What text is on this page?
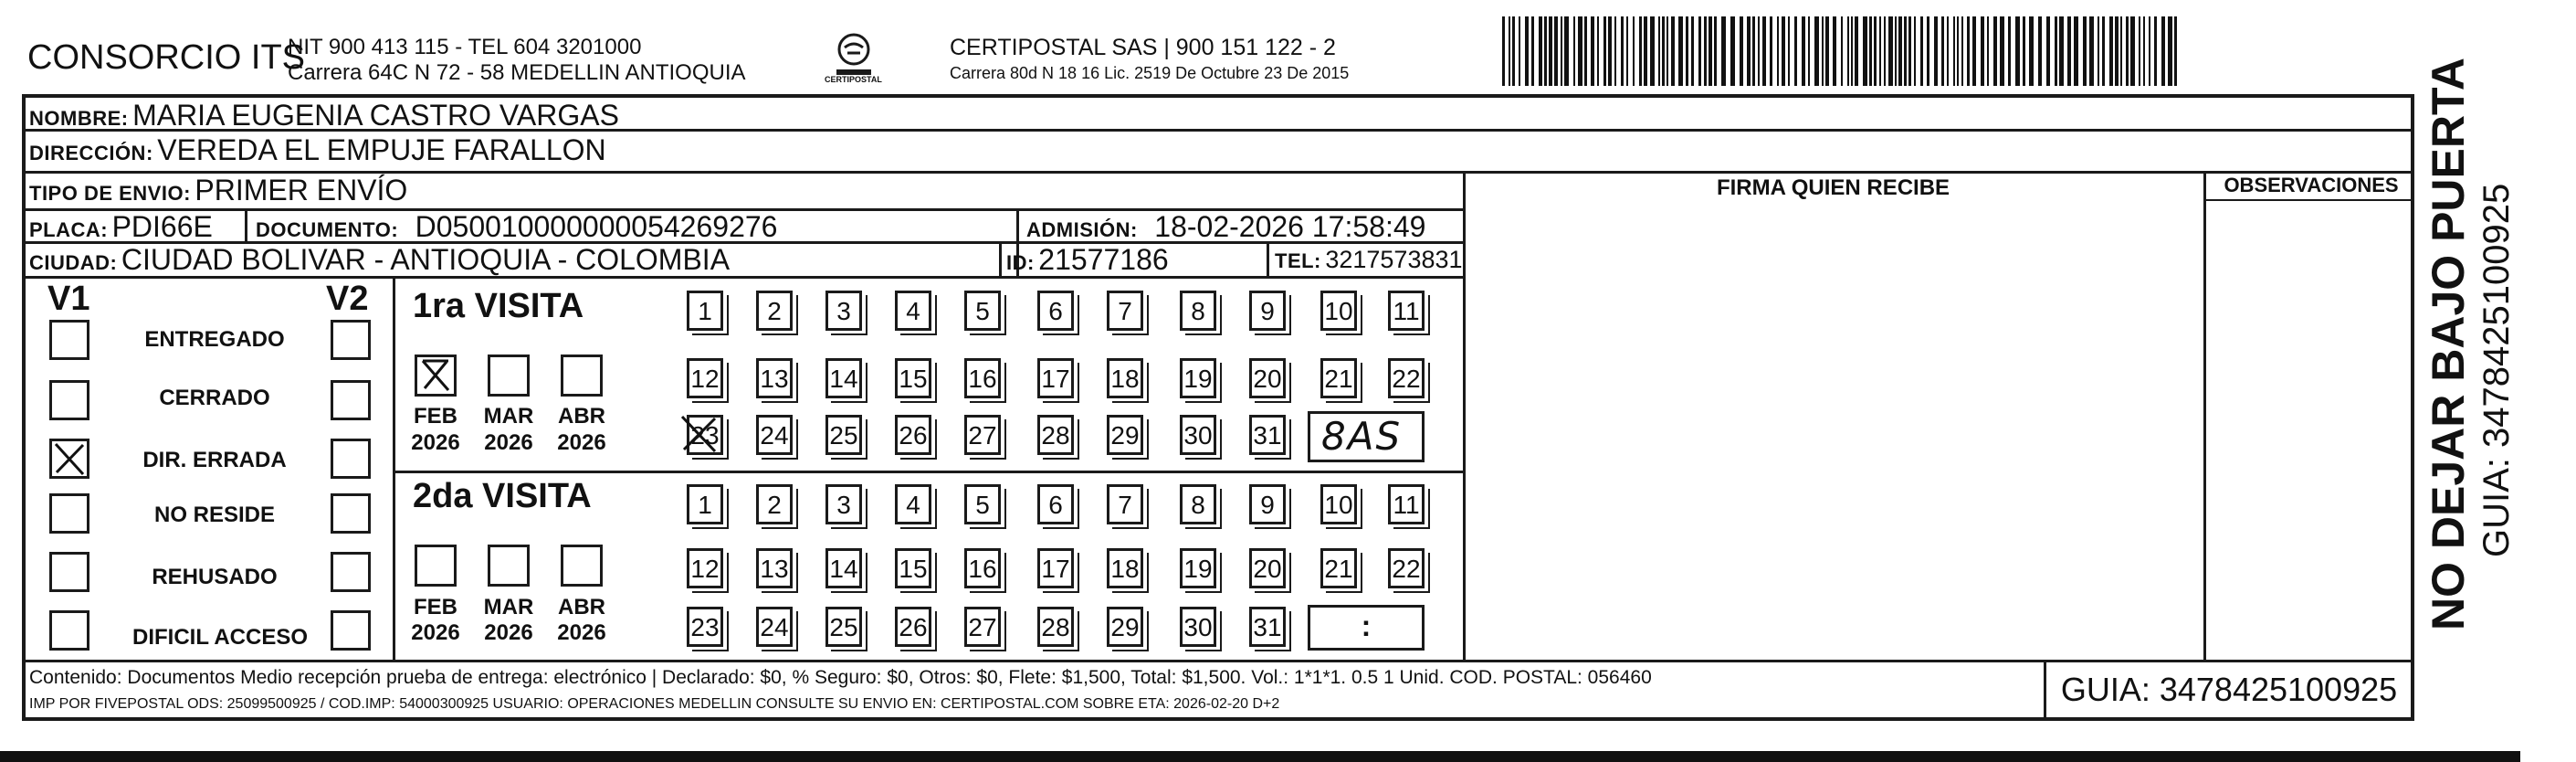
CONSORCIO ITS
NIT 900 413 115 - TEL 604 3201000
Carrera 64C N 72 - 58 MEDELLIN ANTIOQUIA	CERTIPOSTAL
CERTIPOSTAL SAS | 900 151 122 - 2
Carrera 80d N 18 16 Lic. 2519 De Octubre 23 De 2015
NOMBRE: MARIA EUGENIA CASTRO VARGAS
DIRECCIÓN: VEREDA EL EMPUJE FARALLON
TIPO DE ENVIO: PRIMER ENVÍO
PLACA: PDI66E DOCUMENTO: D050010000000054269276	ADMISIÓN: 18-02-2026 17:58:49
CIUDAD: CIUDAD BOLIVAR - ANTIOQUIA - COLOMBIA	ID: 21577186	TEL: 3217573831
FIRMA QUIEN RECIBE	OBSERVACIONES
V1	V2
ENTREGADO
CERRADO
DIR. ERRADA
NO RESIDE
REHUSADO
DIFICIL ACCESO
1ra VISITA
FEB MAR ABR
2026 2026 2026
1	2	3	4	5	6	7	8	9	10 11
12 13 14 15 16 17 18 19 20 21 22
23 24 25 26 27 28 29 30 31 8AS
2da VISITA
FEB MAR ABR
2026 2026 2026
1	2	3	4	5	6	7	8	9	10 11
12 13 14 15 16 17 18 19 20 21 22
23 24 25 26 27 28 29 30 31	:
Contenido: Documentos Medio recepción prueba de entrega: electrónico | Declarado: $0, % Seguro: $0, Otros: $0, Flete: $1,500, Total: $1,500. Vol.: 1*1*1. 0.5 1 Unid. COD. POSTAL: 056460
IMP POR FIVEPOSTAL ODS: 25099500925 / COD.IMP: 54000300925 USUARIO: OPERACIONES MEDELLIN CONSULTE SU ENVIO EN: CERTIPOSTAL.COM SOBRE ETA: 2026-02-20 D+2	GUIA: 3478425100925
NO DEJAR BAJO PUERTA GUIA: 3478425100925
